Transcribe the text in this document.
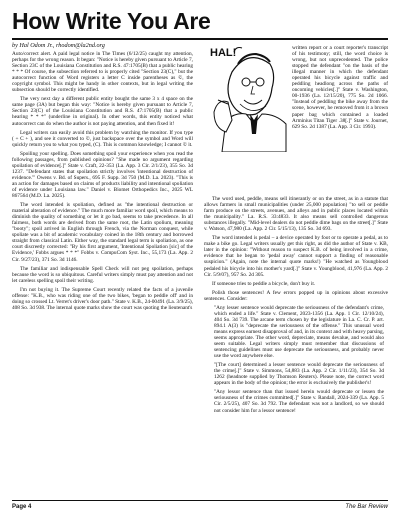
How Write You Are
by Hal Odom Jr., rhodom@la2nd.org

Auto/correct alert. A paid legal notice in The Times (6/12/25) caught my attention, perhaps for the wrong reason. It began: "Notice is hereby given pursuant to Article 7, Section 23C of the Louisiana Constitution and R.S. 47:1705(B) that a public hearing * * * Of course, the subsection referred to is properly cited "Section 23(C)," but the autocorrect function of Word registers a letter C inside parentheses as ©, the copyright symbol. This might be handy in other contexts, but in legal writing the subsection should be correctly identified.

The very next day a different public entity bought the same 3 x 4 space on the same page (3A) but began this way: "Notice is hereby given pursuant to Article 7, Section 23(C) of the Louisiana Constitution and R.S. 47:1705(B) that a public hearing * * *" (underline in original). In other words, this entity noticed what autocorrect can do when the author is not paying attention, and then fixed it!

Legal writers can easily avoid this problem by watching the monitor. If you type ( + C + ), and see it converted to ©, just backspace over the symbol and Word will quickly return you to what you typed, (C). This is common knowledge; I cannot © it.

Spoiling your spelling. Does something spoil your experience when you read the following passages, from published opinions? "She made no argument regarding spoilation of evidence[.]" State v. Craft, 22-353 (La. App. 3 Cir. 2/1/23), 355 So. 3d 1237. "Defendant states that spoilation strictly involves 'intentional destruction of evidence.'" Owens v. Bd. of Supers., 695 F. Supp. 3d 750 (M.D. La. 2023). "This is an action for damages based on claims of products liability and intentional spoliation of evidence under Louisiana law." Daniel v. Biomet Orthopedics Inc., 2025 WL 867564 (M.D. La. 2025).

The word intended is spoliation, defined as "the intentional destruction or material alteration of evidence." The much more familiar word spoil, which means to diminish the quality of something or let it go bad, seems to take precedence. In all fairness, both words are derived from the same root, the Latin spolium, meaning "booty"; spoil arrived in English through French, via the Norman conquest, while spoliate was a bit of academic vocabulary coined in the 18th century and borrowed straight from classical Latin. Either way, the standard legal term is spoliation, as one court discreetly corrected: "By his first argument, 'Intentional Spoliation [sic] of the Evidence,' Fobbs argues * * *" Fobbs v. CompuCom Syst. Inc., 55,173 (La. App. 2 Cir. 9/27/23), 371 So. 3d 1146.

The familiar and indispensable Spell Check will not peg spoilation, perhaps because the word is so ubiquitous. Careful writers simply must pay attention and not let careless spelling spoil their writing.

I'm not buying it. The Supreme Court recently related the facts of a juvenile offense: "K.B., who was riding one of the two bikes, 'began to peddle off' and in doing so crossed Lt. Verret's driver's door path." State v. K.B., 24-00491 (La. 3/9/25), 408 So. 3d 938. The internal quote marks show the court was quoting the lieutenant's

HAL!	written report or a court reporter's transcript of his testimony; still, the word choice is wrong, but not unprecedented. The police stopped the defendant "on the basis of the illegal manner in which the defendant operated his bicycle against traffic and peddling headlong across the paths of oncoming vehicles[.]" State v. Washington, 00-1936 (La. 12/15/20), 775 So. 2d 1066. "Instead of peddling the bike away from the scene, however, he removed from it a brown paper bag which contained a loaded Arminius Titan Tiger .38[.]" State v. Journet, 629 So. 2d 1387 (La. App. 3 Cir. 1993).

The word used, peddle, means sell itinerantly or on the street, as in a statute that allows farmers in small municipalities (under 25,000 population) "to sell or peddle farm produce on the streets, avenues, and alleys and in public places located within the municipality." La. R.S. 33:4833. It also means sell controlled dangerous substances illegally. "Mid-level dealers do not peddle dime bags on the street[.]" State v. Watson, 47,980 (La. App. 2 Cir. 5/15/13), 135 So. 3d 693.

The word intended is pedal – a device operated by foot or to operate a pedal, as to make a bike go. Legal writers usually get this right, as did the author of State v. KB, later in the opinion: "Without reason to suspect K.B. of being involved in a crime, evidence that he began to 'pedal away' cannot support a finding of reasonable suspicion." (Again, note the internal quote marks!) "He watched as Youngblood pedaled his bicycle into his mother's yard[.]" State v. Youngblood, 41,976 (La. App. 2 Cir. 5/9/07), 957 So. 2d 305.

If someone tries to peddle a bicycle, don't buy it.

Polish those sentences! A few errors popped up in opinions about excessive sentences. Consider:

"Any lesser sentence would deprecate the seriousness of the defendant's crime, which ended a life." State v. Clement, 2023-1356 (La. App. 1 Cir. 12/10/24), 404 So. 3d 739. The arcane term chosen by the legislature in La. C. Cr. P. art. 894.1 A(3) is "deprecate the seriousness of the offense." This unusual word means express earnest disapproval of and, in its context and with heavy parsing, seems appropriate. The other word, depreciate, means devalue, and would also seem suitable. Legal writers simply must remember that discussions of sentencing guidelines must use deprecate the seriousness, and probably never use the word anywhere else.

"[The court] determined a lesser sentence would deprecate the seriousness of the crime[.]" State v. Simmons, 54,883 (La. App. 2 Cir. 1/11/23), 354 So. 3d 1262 (headnote supplied by Thomson Reuters). Please note, the correct word appears in the body of the opinion; the error is exclusively the publisher's!

"Any lessor sentence than that issued herein would deprecate or lessen the seriousness of the crimes committed[.]" State v. Randall, 2024-339 (La. App. 5 Cir. 2/5/25), 407 So. 3d 792. The defendant was not a landlord, so we should not consider him for a lessor sentence!

Page 4	The Bar Review
